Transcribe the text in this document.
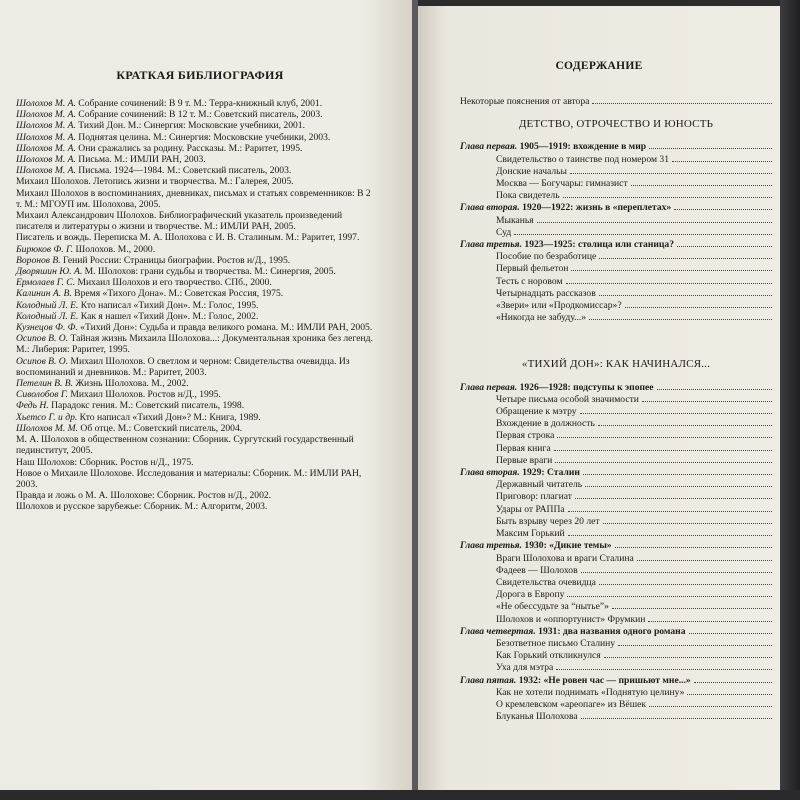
КРАТКАЯ БИБЛИОГРАФИЯ
Шолохов М. А. Собрание сочинений: В 9 т. М.: Терра-книжный клуб, 2001.
Шолохов М. А. Собрание сочинений: В 12 т. М.: Советский писатель, 2003.
Шолохов М. А. Тихий Дон. М.: Синергия: Московские учебники, 2001.
Шолохов М. А. Поднятая целина. М.: Синергия: Московские учебники, 2003.
Шолохов М. А. Они сражались за родину. Рассказы. М.: Раритет, 1995.
Шолохов М. А. Письма. М.: ИМЛИ РАН, 2003.
Шолохов М. А. Письма. 1924—1984. М.: Советский писатель, 2003.
Михаил Шолохов. Летопись жизни и творчества. М.: Галерея, 2005.
Михаил Шолохов в воспоминаниях, дневниках, письмах и статьях современников: В 2 т. М.: МГОУП им. Шолохова, 2005.
Михаил Александрович Шолохов. Библиографический указатель произведений писателя и литературы о жизни и творчестве. М.: ИМЛИ РАН, 2005.
Писатель и вождь. Переписка М. А. Шолохова с И. В. Сталиным. М.: Раритет, 1997.
Бирюков Ф. Г. Шолохов. М., 2000.
Воронов В. Гений России: Страницы биографии. Ростов н/Д., 1995.
Дворяшин Ю. А. М. Шолохов: грани судьбы и творчества. М.: Синергия, 2005.
Ермолаев Г. С. Михаил Шолохов и его творчество. СПб., 2000.
Калинин А. В. Время «Тихого Дона». М.: Советская Россия, 1975.
Колодный Л. Е. Кто написал «Тихий Дон». М.: Голос, 1995.
Колодный Л. Е. Как я нашел «Тихий Дон». М.: Голос, 2002.
Кузнецов Ф. Ф. «Тихий Дон»: Судьба и правда великого романа. М.: ИМЛИ РАН, 2005.
Осипов В. О. Тайная жизнь Михаила Шолохова...: Документальная хроника без легенд. М.: Либерия: Раритет, 1995.
Осипов В. О. Михаил Шолохов. О светлом и черном: Свидетельства очевидца. Из воспоминаний и дневников. М.: Раритет, 2003.
Петелин В. В. Жизнь Шолохова. М., 2002.
Сиволобов Г. Михаил Шолохов. Ростов н/Д., 1995.
Федь Н. Парадокс гения. М.: Советский писатель, 1998.
Хьетсо Г. и др. Кто написал «Тихий Дон»? М.: Книга, 1989.
Шолохов М. М. Об отце. М.: Советский писатель, 2004.
М. А. Шолохов в общественном сознании: Сборник. Сургутский государственный пединститут, 2005.
Наш Шолохов: Сборник. Ростов н/Д., 1975.
Новое о Михаиле Шолохове. Исследования и материалы: Сборник. М.: ИМЛИ РАН, 2003.
Правда и ложь о М. А. Шолохове: Сборник. Ростов н/Д., 2002.
Шолохов и русское зарубежье: Сборник. М.: Алгоритм, 2003.
СОДЕРЖАНИЕ
Некоторые пояснения от автора
ДЕТСТВО, ОТРОЧЕСТВО И ЮНОСТЬ
Глава первая. 1905—1919: вхождение в мир
Свидетельство о таинстве под номером 31
Донские начальы
Москва — Богучары: гимназист
Пока свидетель
Глава вторая. 1920—1922: жизнь в «переплетах»
Мыканья
Суд
Глава третья. 1923—1925: столица или станица?
Пособие по безработице
Первый фельетон
Тесть с норовом
Четырнадцать рассказов
«Звери» или «Продкомиссар»?
«Никогда не забуду...»
«ТИХИЙ ДОН»: КАК НАЧИНАЛСЯ...
Глава первая. 1926—1928: подступы к эпопее
Четыре письма особой значимости
Обращение к мэтру
Вхождение в должность
Первая строка
Первая книга
Первые враги
Глава вторая. 1929: Сталин
Державный читатель
Приговор: плагиат
Удары от РАППа
Быть взрыву через 20 лет
Максим Горький
Глава третья. 1930: «Дикие темы»
Враги Шолохова и враги Сталина
Фадеев — Шолохов
Свидетельства очевидца
Дорога в Европу
«Не обессудьте за “нытье”»
Шолохов и «оппортунист» Фрумкин
Глава четвертая. 1931: два названия одного романа
Безответное письмо Сталину
Как Горький откликнулся
Уха для мэтра
Глава пятая. 1932: «Не ровен час — пришьют мне...»
Как не хотели поднимать «Поднятую целину»
О кремлевском «ареопаге» из Вёшек
Блуканья Шолохова
